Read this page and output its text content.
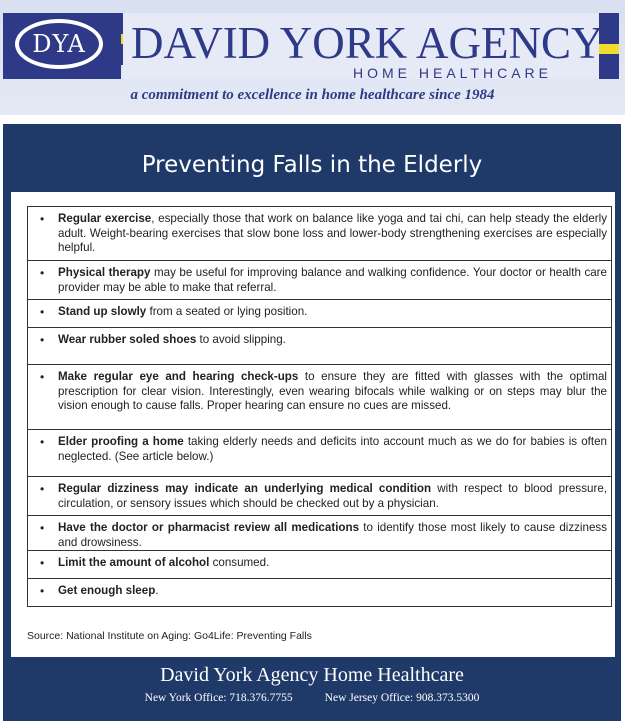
DYA DAVID YORK AGENCY
HOME HEALTHCARE
a commitment to excellence in home healthcare since 1984
Preventing Falls in the Elderly
• Regular exercise, especially those that work on balance like yoga and tai chi, can help steady the elderly adult. Weight-bearing exercises that slow bone loss and lower-body strengthening exercises are especially helpful.
• Physical therapy may be useful for improving balance and walking confidence. Your doctor or health care provider may be able to make that referral.
• Stand up slowly from a seated or lying position.
• Wear rubber soled shoes to avoid slipping.
• Make regular eye and hearing check-ups to ensure they are fitted with glasses with the optimal prescription for clear vision. Interestingly, even wearing bifocals while walking or on steps may blur the vision enough to cause falls. Proper hearing can ensure no cues are missed.
• Elder proofing a home taking elderly needs and deficits into account much as we do for babies is often neglected. (See article below.)
• Regular dizziness may indicate an underlying medical condition with respect to blood pressure, circulation, or sensory issues which should be checked out by a physician.
• Have the doctor or pharmacist review all medications to identify those most likely to cause dizziness and drowsiness.
• Limit the amount of alcohol consumed.
• Get enough sleep.
Source: National Institute on Aging: Go4Life: Preventing Falls
David York Agency Home Healthcare
New York Office: 718.376.7755	New Jersey Office: 908.373.5300
